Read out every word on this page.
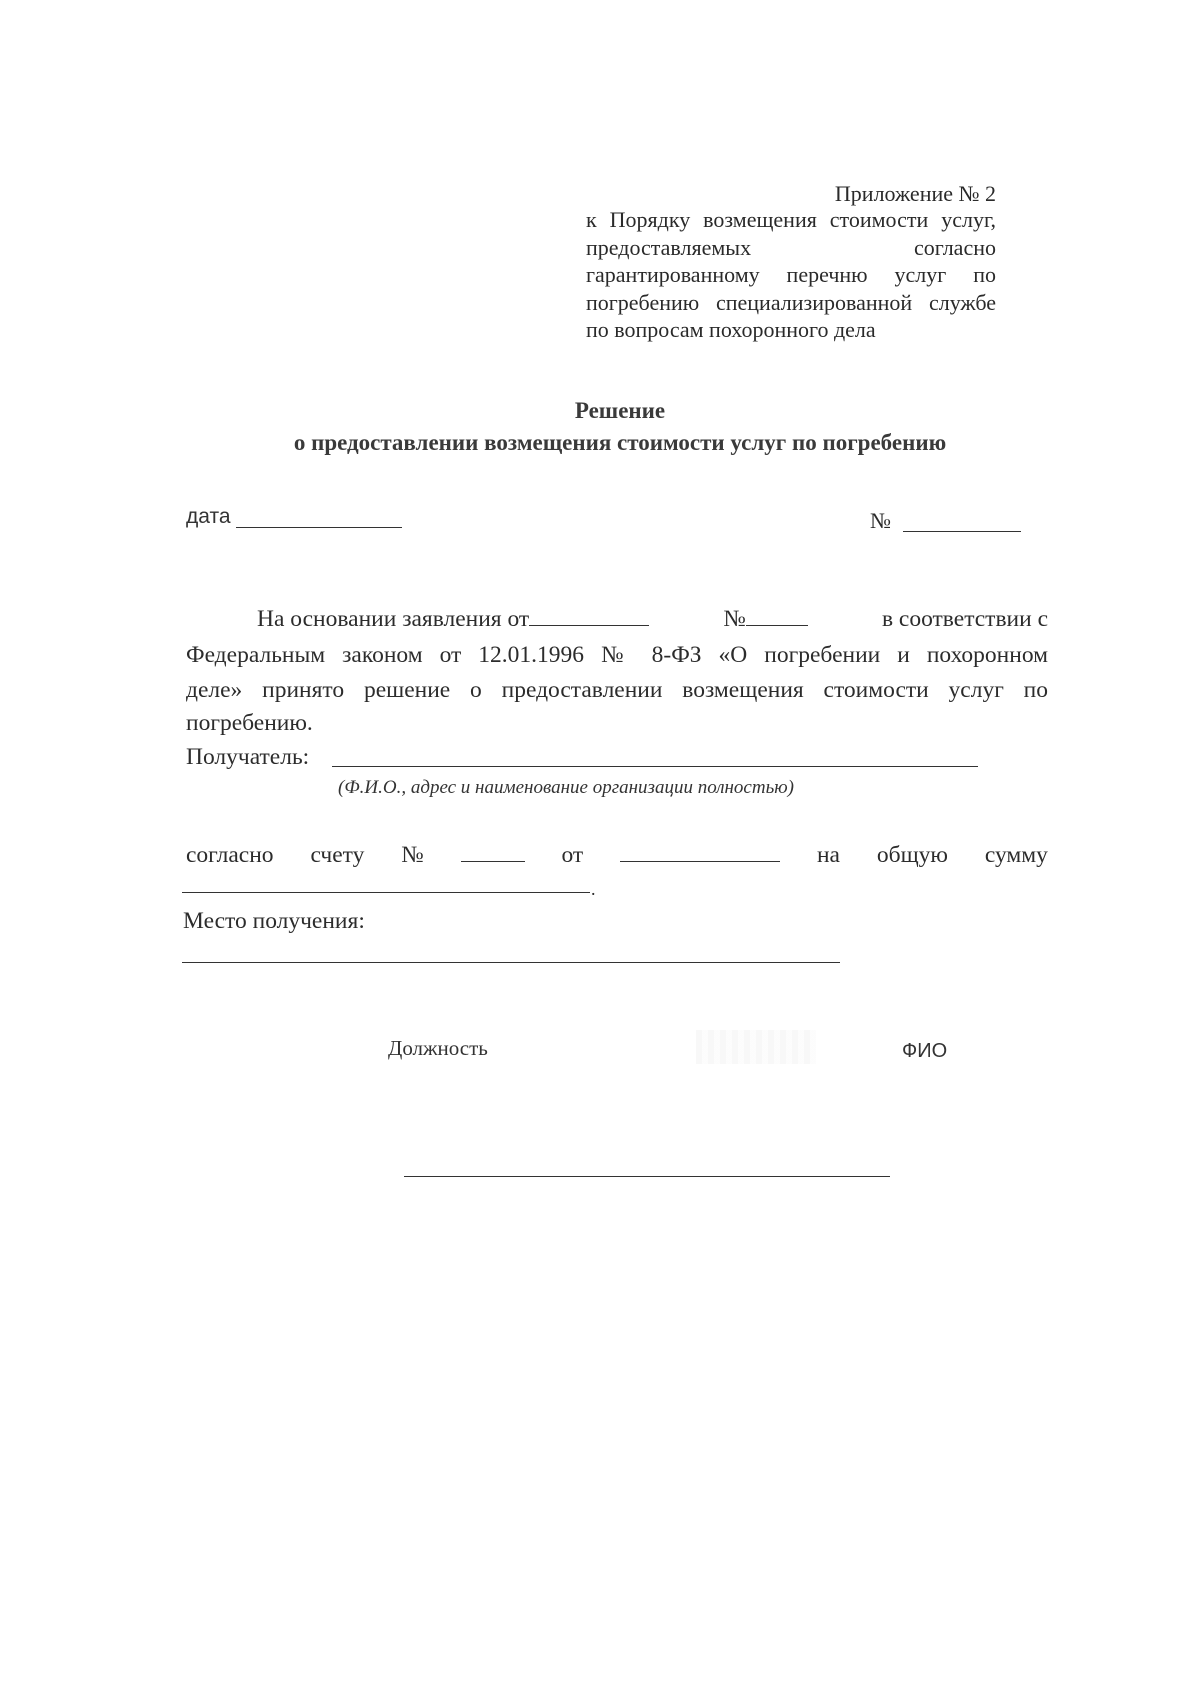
Приложение № 2
к Порядку возмещения стоимости услуг, предоставляемых согласно гарантированному перечню услуг по погребению специализированной службе по вопросам похоронного дела
Решение
о предоставлении возмещения стоимости услуг по погребению
дата	№
На основании заявления от	№	в соответствии с
Федеральным законом от 12.01.1996 № 8-ФЗ «О погребении и похоронном
деле» принято решение о предоставлении возмещения стоимости услуг по
погребению.
Получатель:
(Ф.И.О., адрес и наименование организации полностью)
согласно счету №	от	на общую сумму
.
Место получения:
Должность	ФИО
